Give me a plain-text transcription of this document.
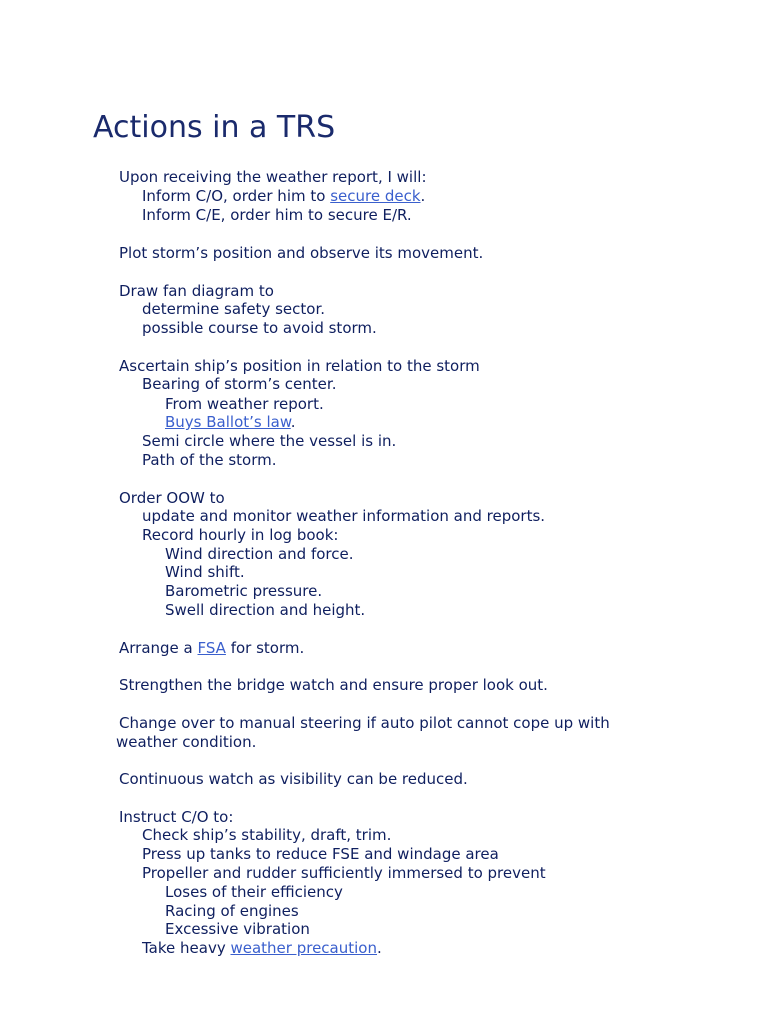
Actions in a TRS
Upon receiving the weather report, I will:
Inform C/O, order him to secure deck.
Inform C/E, order him to secure E/R.
Plot storm’s position and observe its movement.
Draw fan diagram to
determine safety sector.
possible course to avoid storm.
Ascertain ship’s position in relation to the storm
Bearing of storm’s center.
From weather report.
Buys Ballot’s law.
Semi circle where the vessel is in.
Path of the storm.
Order OOW to
update and monitor weather information and reports.
Record hourly in log book:
Wind direction and force.
Wind shift.
Barometric pressure.
Swell direction and height.
Arrange a FSA for storm.
Strengthen the bridge watch and ensure proper look out.
Change over to manual steering if auto pilot cannot cope up with
weather condition.
Continuous watch as visibility can be reduced.
Instruct C/O to:
Check ship’s stability, draft, trim.
Press up tanks to reduce FSE and windage area
Propeller and rudder sufficiently immersed to prevent
Loses of their efficiency
Racing of engines
Excessive vibration
Take heavy weather precaution.
